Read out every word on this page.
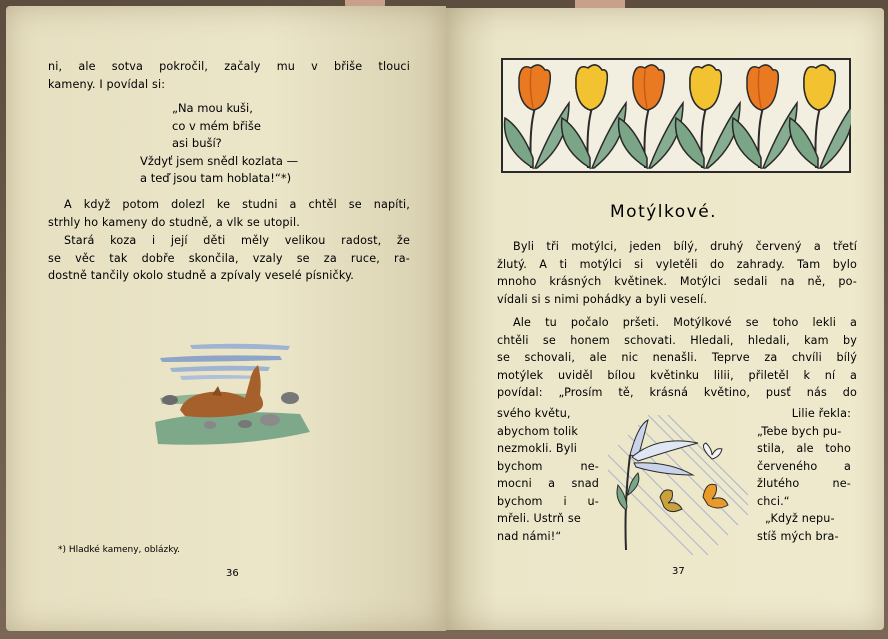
ni, ale sotva pokročil, začaly mu v břiše tlouci
kameny. I povídal si:
„Na mou kuši,
co v mém břiše
asi buší?
Vždyť jsem snědl kozlata —
a teď jsou tam hoblata!“*)
A když potom dolezl ke studni a chtěl se napíti,
strhly ho kameny do studně, a vlk se utopil.
Stará koza i její děti měly velikou radost, že
se věc tak dobře skončila, vzaly se za ruce, ra-
dostně tančily okolo studně a zpívaly veselé písničky.
*) Hladké kameny, oblázky.
36
Motýlkové.
Byli tři motýlci, jeden bílý, druhý červený a třetí
žlutý. A ti motýlci si vyletěli do zahrady. Tam bylo
mnoho krásných květinek. Motýlci sedali na ně, po-
vídali si s nimi pohádky a byli veselí.
Ale tu počalo pršeti. Motýlkové se toho lekli a
chtěli se honem schovati. Hledali, hledali, kam by
se schovali, ale nic nenašli. Teprve za chvíli bílý
motýlek uviděl bílou květinku lilii, přiletěl k ní a
povídal: „Prosím tě, krásná květino, pusť nás do
svého květu,
abychom tolik
nezmokli. Byli
bychom ne-
mocni a snad
bychom i u-
mřeli. Ustrň se
nad námi!“
Lilie řekla:
„Tebe bych pu-
stila, ale toho
červeného a
žlutého ne-
chci.“
„Když nepu-
stíš mých bra-
37
